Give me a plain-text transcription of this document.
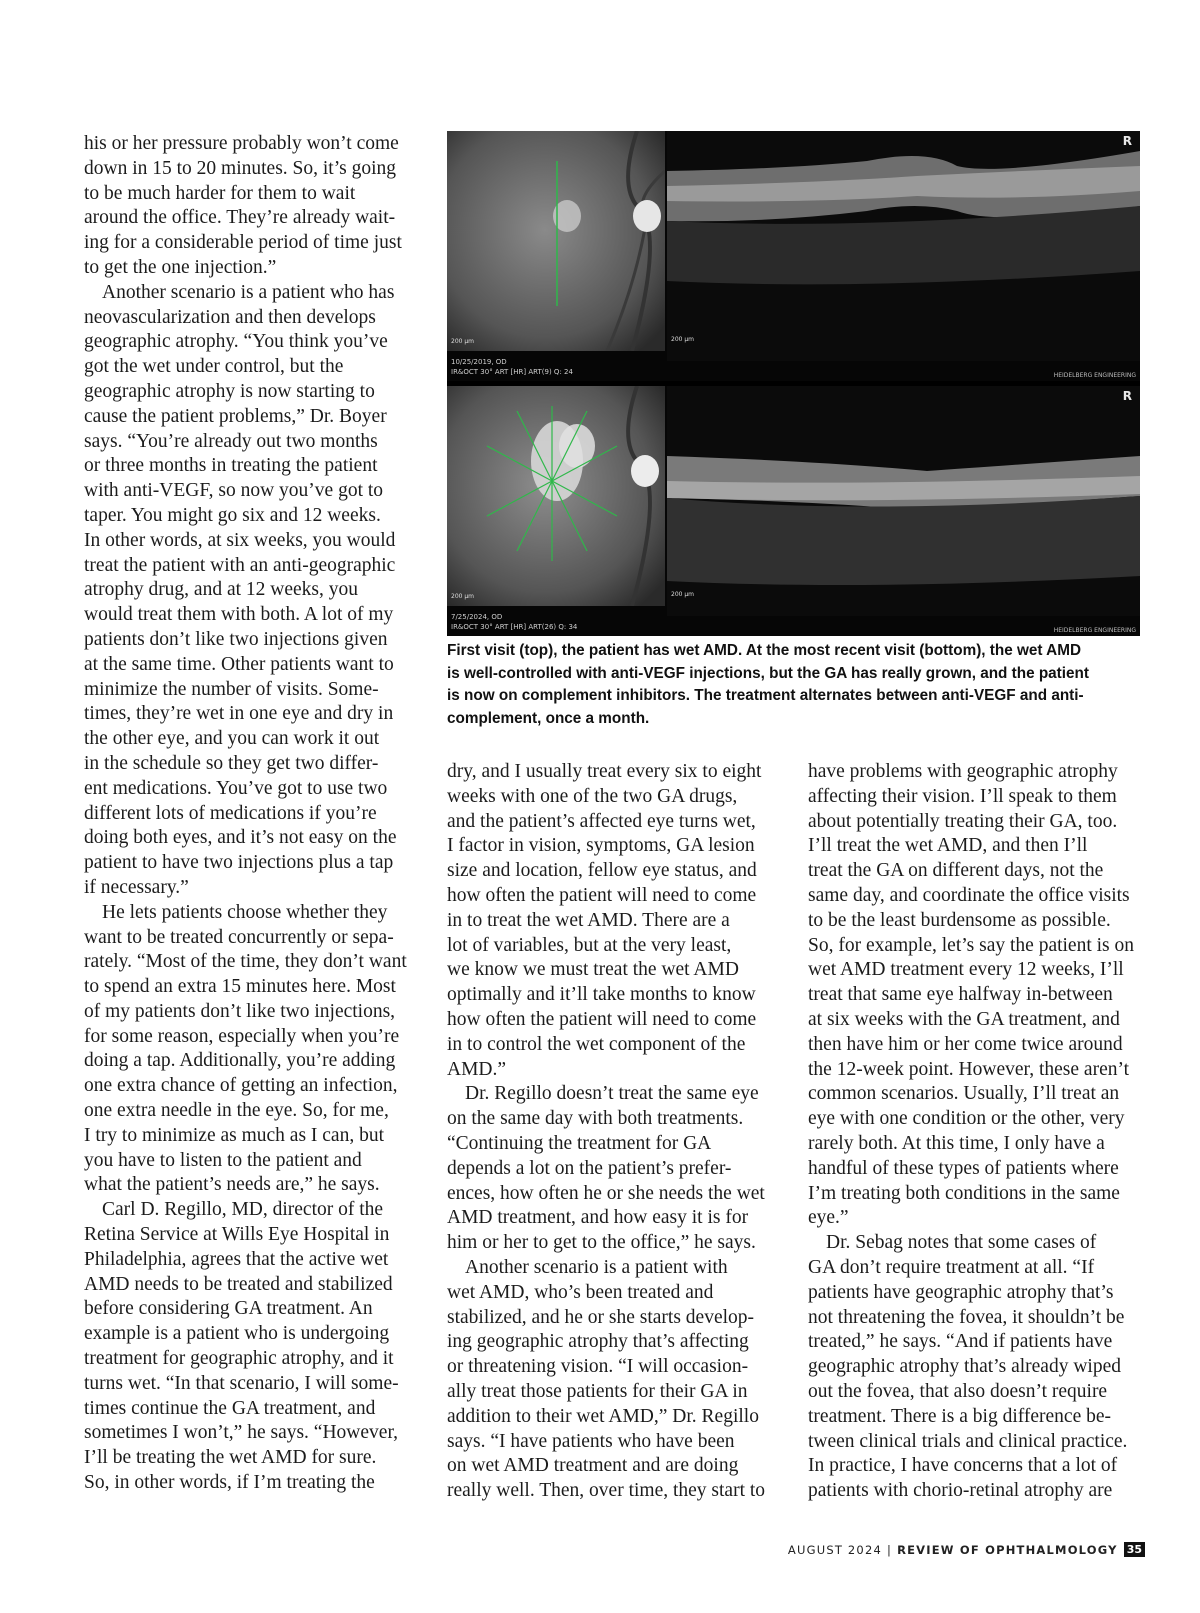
his or her pressure probably won’t come
down in 15 to 20 minutes. So, it’s going
to be much harder for them to wait
around the office. They’re already wait-
ing for a considerable period of time just
to get the one injection.”
Another scenario is a patient who has
neovascularization and then develops
geographic atrophy. “You think you’ve
got the wet under control, but the
geographic atrophy is now starting to
cause the patient problems,” Dr. Boyer
says. “You’re already out two months
or three months in treating the patient
with anti-VEGF, so now you’ve got to
taper. You might go six and 12 weeks.
In other words, at six weeks, you would
treat the patient with an anti-geographic
atrophy drug, and at 12 weeks, you
would treat them with both. A lot of my
patients don’t like two injections given
at the same time. Other patients want to
minimize the number of visits. Some-
times, they’re wet in one eye and dry in
the other eye, and you can work it out
in the schedule so they get two differ-
ent medications. You’ve got to use two
different lots of medications if you’re
doing both eyes, and it’s not easy on the
patient to have two injections plus a tap
if necessary.”
He lets patients choose whether they
want to be treated concurrently or sepa-
rately. “Most of the time, they don’t want
to spend an extra 15 minutes here. Most
of my patients don’t like two injections,
for some reason, especially when you’re
doing a tap. Additionally, you’re adding
one extra chance of getting an infection,
one extra needle in the eye. So, for me,
I try to minimize as much as I can, but
you have to listen to the patient and
what the patient’s needs are,” he says.
Carl D. Regillo, MD, director of the
Retina Service at Wills Eye Hospital in
Philadelphia, agrees that the active wet
AMD needs to be treated and stabilized
before considering GA treatment. An
example is a patient who is undergoing
treatment for geographic atrophy, and it
turns wet. “In that scenario, I will some-
times continue the GA treatment, and
sometimes I won’t,” he says. “However,
I’ll be treating the wet AMD for sure.
So, in other words, if I’m treating the
200 µm	200 µm
R
10/25/2019, OD
IR&OCT 30° ART [HR] ART(9) Q: 24	HEIDELBERG ENGINEERING
200 µm	200 µm
R
7/25/2024, OD
IR&OCT 30° ART [HR] ART(26) Q: 34	HEIDELBERG ENGINEERING
First visit (top), the patient has wet AMD. At the most recent visit (bottom), the wet AMD
is well-controlled with anti-VEGF injections, but the GA has really grown, and the patient
is now on complement inhibitors. The treatment alternates between anti-VEGF and anti-
complement, once a month.
dry, and I usually treat every six to eight
weeks with one of the two GA drugs,
and the patient’s affected eye turns wet,
I factor in vision, symptoms, GA lesion
size and location, fellow eye status, and
how often the patient will need to come
in to treat the wet AMD. There are a
lot of variables, but at the very least,
we know we must treat the wet AMD
optimally and it’ll take months to know
how often the patient will need to come
in to control the wet component of the
AMD.”
Dr. Regillo doesn’t treat the same eye
on the same day with both treatments.
“Continuing the treatment for GA
depends a lot on the patient’s prefer-
ences, how often he or she needs the wet
AMD treatment, and how easy it is for
him or her to get to the office,” he says.
Another scenario is a patient with
wet AMD, who’s been treated and
stabilized, and he or she starts develop-
ing geographic atrophy that’s affecting
or threatening vision. “I will occasion-
ally treat those patients for their GA in
addition to their wet AMD,” Dr. Regillo
says. “I have patients who have been
on wet AMD treatment and are doing
really well. Then, over time, they start to
have problems with geographic atrophy
affecting their vision. I’ll speak to them
about potentially treating their GA, too.
I’ll treat the wet AMD, and then I’ll
treat the GA on different days, not the
same day, and coordinate the office visits
to be the least burdensome as possible.
So, for example, let’s say the patient is on
wet AMD treatment every 12 weeks, I’ll
treat that same eye halfway in-between
at six weeks with the GA treatment, and
then have him or her come twice around
the 12-week point. However, these aren’t
common scenarios. Usually, I’ll treat an
eye with one condition or the other, very
rarely both. At this time, I only have a
handful of these types of patients where
I’m treating both conditions in the same
eye.”
Dr. Sebag notes that some cases of
GA don’t require treatment at all. “If
patients have geographic atrophy that’s
not threatening the fovea, it shouldn’t be
treated,” he says. “And if patients have
geographic atrophy that’s already wiped
out the fovea, that also doesn’t require
treatment. There is a big difference be-
tween clinical trials and clinical practice.
In practice, I have concerns that a lot of
patients with chorio-retinal atrophy are
AUGUST 2024 | REVIEW OF OPHTHALMOLOGY 35
